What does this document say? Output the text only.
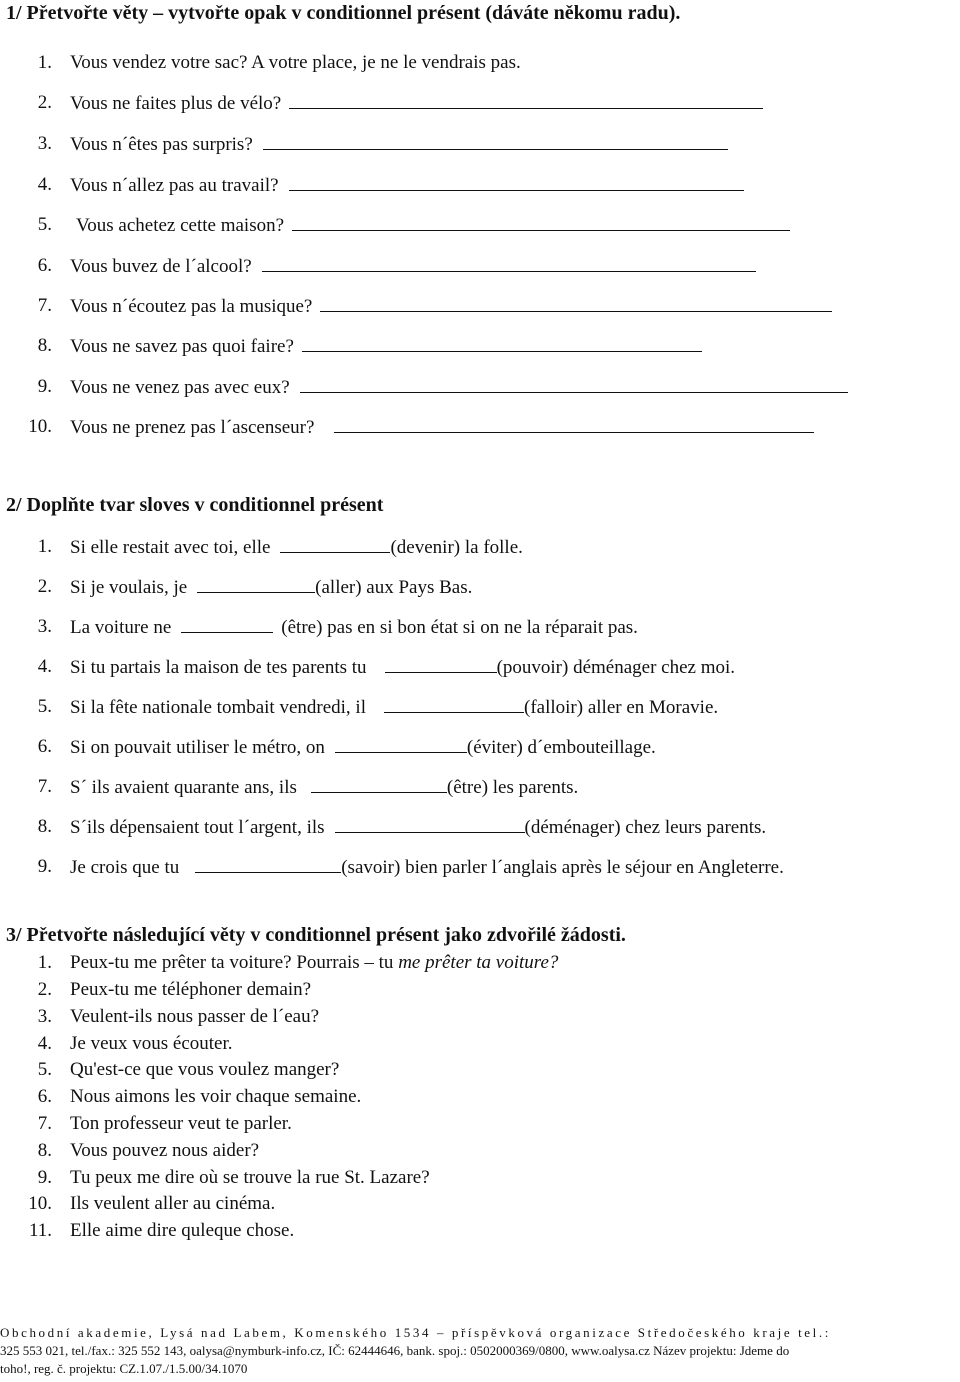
1/ Přetvořte věty – vytvořte opak v conditionnel présent (dáváte někomu radu).
1. Vous vendez votre sac? A votre place, je ne le vendrais pas.
2. Vous ne faites plus de vélo?
3. Vous n´êtes pas surpris?
4. Vous n´allez pas au travail?
5. Vous achetez cette maison?
6. Vous buvez de l´alcool?
7. Vous n´écoutez pas la musique?
8. Vous ne savez pas quoi faire?
9. Vous ne venez pas avec eux?
10. Vous ne prenez pas l´ascenseur?
2/ Doplňte tvar sloves v conditionnel présent
1. Si elle restait avec toi, elle	(devenir) la folle.
2. Si je voulais, je	(aller) aux Pays Bas.
3. La voiture ne	(être) pas en si bon état si on ne la réparait pas.
4. Si tu partais la maison de tes parents tu	(pouvoir) déménager chez moi.
5. Si la fête nationale tombait vendredi, il	(falloir) aller en Moravie.
6. Si on pouvait utiliser le métro, on	(éviter) d´embouteillage.
7. S´ ils avaient quarante ans, ils	(être) les parents.
8. S´ils dépensaient tout l´argent, ils	(déménager) chez leurs parents.
9. Je crois que tu	(savoir) bien parler l´anglais après le séjour en Angleterre.
3/ Přetvořte následující věty v conditionnel présent jako zdvořilé žádosti.
1. Peux-tu me prêter ta voiture? Pourrais – tu me prêter ta voiture?
2. Peux-tu me téléphoner demain?
3. Veulent-ils nous passer de l´eau?
4. Je veux vous écouter.
5. Qu'est-ce que vous voulez manger?
6. Nous aimons les voir chaque semaine.
7. Ton professeur veut te parler.
8. Vous pouvez nous aider?
9. Tu peux me dire où se trouve la rue St. Lazare?
10. Ils veulent aller au cinéma.
11. Elle aime dire quleque chose.
Obchodní akademie, Lysá nad Labem, Komenského 1534 – příspěvková organizace Středočeského kraje tel.:
325 553 021, tel./fax.: 325 552 143, oalysa@nymburk-info.cz, IČ: 62444646, bank. spoj.: 0502000369/0800, www.oalysa.cz Název projektu: Jdeme do
toho!, reg. č. projektu: CZ.1.07./1.5.00/34.1070
